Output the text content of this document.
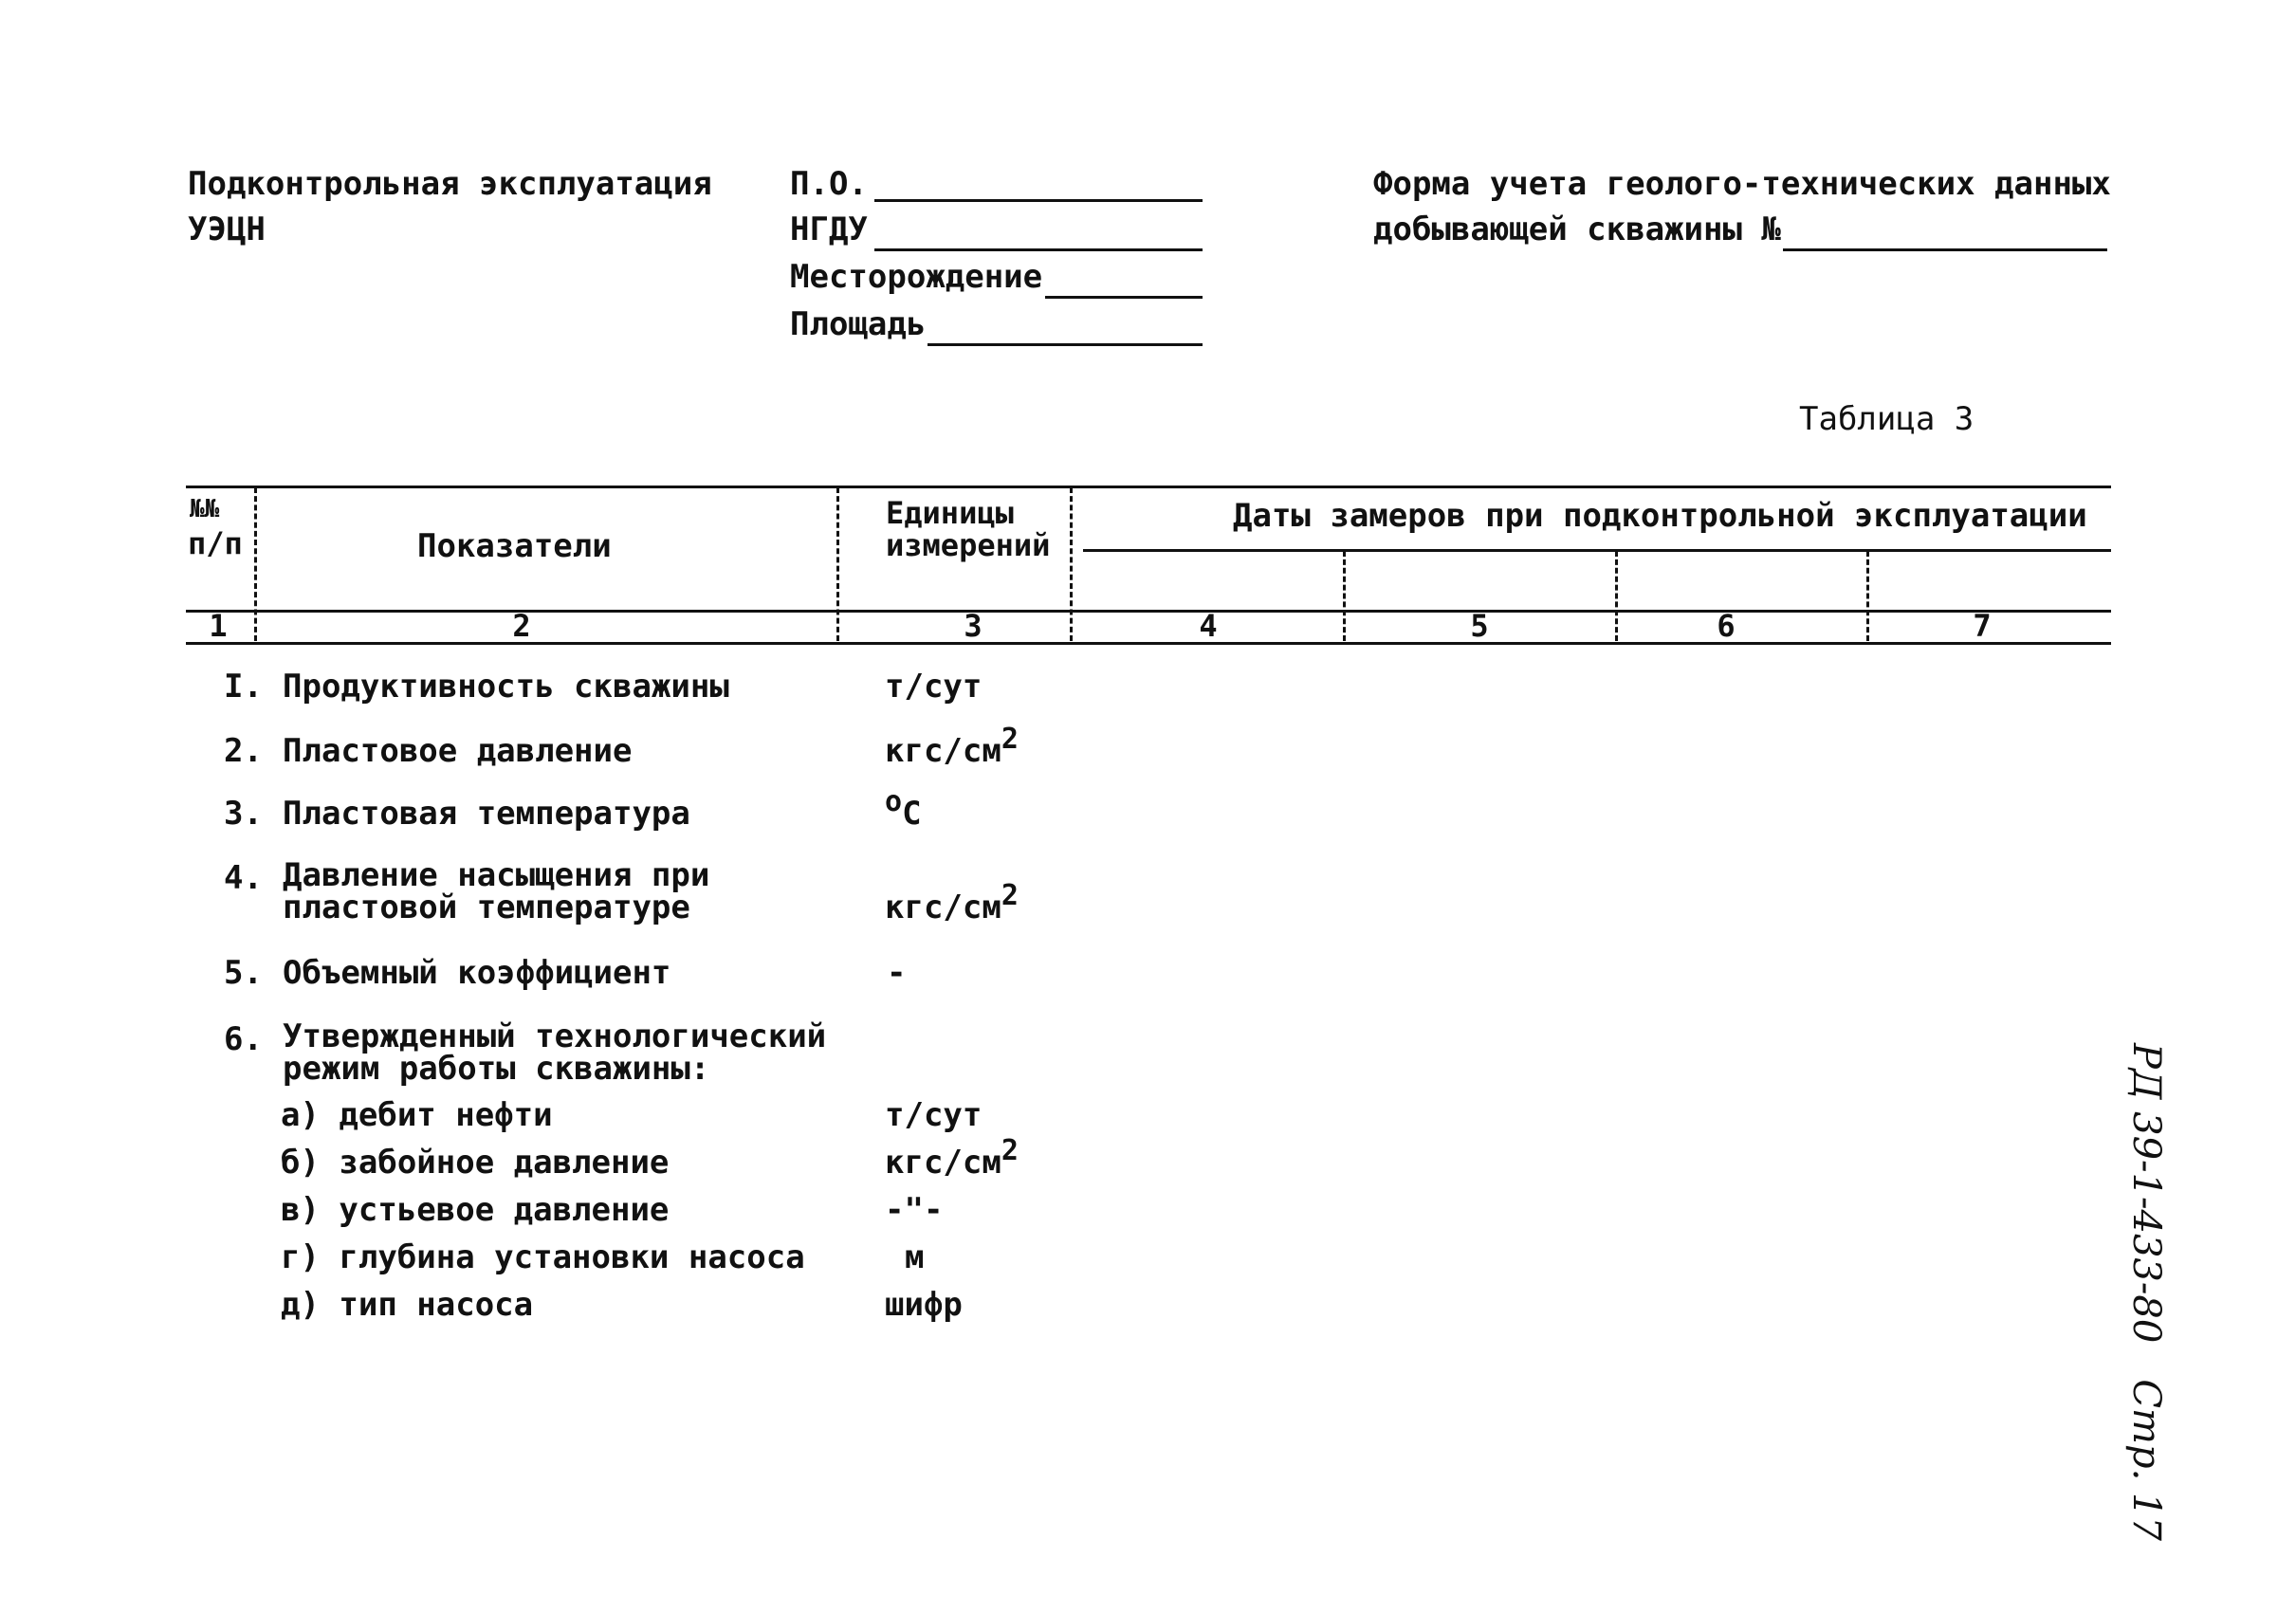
Подконтрольная эксплуатация
УЭЦН
П.О.
НГДУ
Месторождение
Площадь
Форма учета геолого-технических данных
добывающей скважины №
Таблица 3
№№
п/п	Показатели
Единицы
измерений
Даты замеров при подконтрольной эксплуатации
1	2	3	4	5	6	7
I. Продуктивность скважины	т/сут
2. Пластовое давление	кгс/см2
3. Пластовая температура	oC
4. Давление насыщения при
пластовой температуре	кгс/см2
5. Объемный коэффициент	-
6. Утвержденный технологический
режим работы скважины:
а) дебит нефти	т/сут
б) забойное давление	кгс/см2
в) устьевое давление	-"-
г) глубина установки насоса	м
д) тип насоса	шифр	РД 39-1-433-80   Стр. 17
